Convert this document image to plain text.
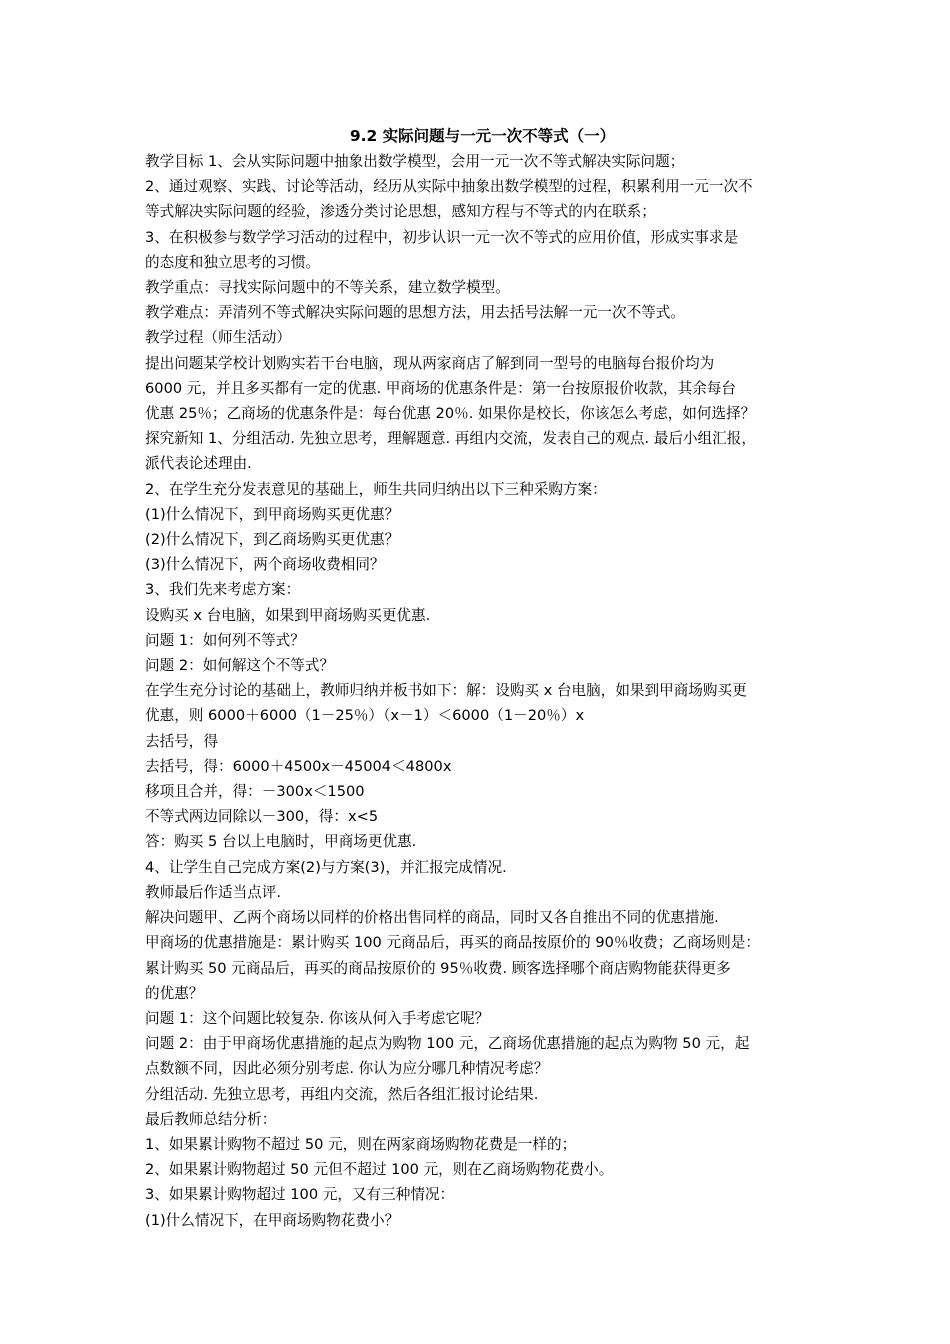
9.2 实际问题与一元一次不等式（一）

教学目标 1、会从实际问题中抽象出数学模型，会用一元一次不等式解决实际问题；

2、通过观察、实践、讨论等活动，经历从实际中抽象出数学模型的过程，积累利用一元一次不

等式解决实际问题的经验，渗透分类讨论思想，感知方程与不等式的内在联系；

3、在积极参与数学学习活动的过程中，初步认识一元一次不等式的应用价值，形成实事求是

的态度和独立思考的习惯。

教学重点：寻找实际问题中的不等关系，建立数学模型。

教学难点：弄清列不等式解决实际问题的思想方法，用去括号法解一元一次不等式。

教学过程（师生活动）

提出问题某学校计划购实若干台电脑，现从两家商店了解到同一型号的电脑每台报价均为

6000 元，并且多买都有一定的优惠. 甲商场的优惠条件是：第一台按原报价收款，其余每台

优惠 25％；乙商场的优惠条件是：每台优惠 20％. 如果你是校长，你该怎么考虑，如何选择？

探究新知 1、分组活动. 先独立思考，理解题意. 再组内交流，发表自己的观点. 最后小组汇报，

派代表论述理由.

2、在学生充分发表意见的基础上，师生共同归纳出以下三种采购方案：

(1)什么情况下，到甲商场购买更优惠？

(2)什么情况下，到乙商场购买更优惠？

(3)什么情况下，两个商场收费相同？

3、我们先来考虑方案：

设购买 x 台电脑，如果到甲商场购买更优惠.

问题 1：如何列不等式？

问题 2：如何解这个不等式？

在学生充分讨论的基础上，教师归纳并板书如下：解：设购买 x 台电脑，如果到甲商场购买更

优惠，则 6000＋6000（1－25％）（x－1）＜6000（1－20％）x

去括号，得

去括号，得：6000＋4500x－45004＜4800x

移项且合并，得：－300x＜1500

不等式两边同除以－300，得：x<5

答：购买 5 台以上电脑时，甲商场更优惠.

4、让学生自己完成方案(2)与方案(3)，并汇报完成情况.

教师最后作适当点评.

解决问题甲、乙两个商场以同样的价格出售同样的商品，同时又各自推出不同的优惠措施.

甲商场的优惠措施是：累计购买 100 元商品后，再买的商品按原价的 90％收费；乙商场则是：

累计购买 50 元商品后，再买的商品按原价的 95％收费. 顾客选择哪个商店购物能获得更多

的优惠？

问题 1：这个问题比较复杂. 你该从何入手考虑它呢？

问题 2：由于甲商场优惠措施的起点为购物 100 元，乙商场优惠措施的起点为购物 50 元，起

点数额不同，因此必须分别考虑. 你认为应分哪几种情况考虑？

分组活动. 先独立思考，再组内交流，然后各组汇报讨论结果.

最后教师总结分析：

1、如果累计购物不超过 50 元，则在两家商场购物花费是一样的；

2、如果累计购物超过 50 元但不超过 100 元，则在乙商场购物花费小。

3、如果累计购物超过 100 元，又有三种情况：

(1)什么情况下，在甲商场购物花费小？
